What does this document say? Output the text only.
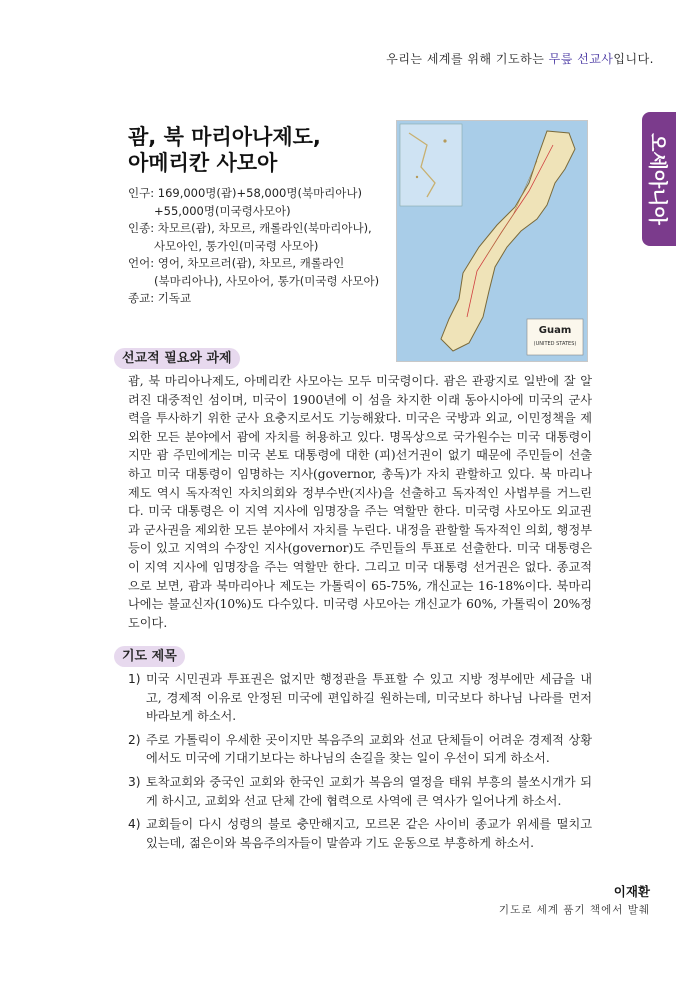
우리는 세계를 위해 기도하는 무릎 선교사입니다.
오세아니아
괌, 북 마리아나제도,
아메리칸 사모아
인구: 169,000명(괌)+58,000명(북마리아나)
+55,000명(미국령사모아)
인종: 차모르(괌), 차모르, 캐롤라인(북마리아나),
사모아인, 통가인(미국령 사모아)
언어: 영어, 차모르러(괌), 차모르, 캐롤라인
(북마리아나), 사모아어, 통가(미국령 사모아)
종교: 기독교
Guam
(UNITED STATES)
선교적 필요와 과제

괌, 북 마리아나제도, 아메리칸 사모아는 모두 미국령이다. 괌은 관광지로 일반에 잘 알려진 대중적인 섬이며, 미국이 1900년에 이 섬을 차지한 이래 동아시아에 미국의 군사력을 투사하기 위한 군사 요충지로서도 기능해왔다. 미국은 국방과 외교, 이민정책을 제외한 모든 분야에서 괌에 자치를 허용하고 있다. 명목상으로 국가원수는 미국 대통령이지만 괌 주민에게는 미국 본토 대통령에 대한 (피)선거권이 없기 때문에 주민들이 선출하고 미국 대통령이 임명하는 지사(governor, 총독)가 자치 관할하고 있다. 북 마리나 제도 역시 독자적인 자치의회와 정부수반(지사)을 선출하고 독자적인 사법부를 거느린다. 미국 대통령은 이 지역 지사에 임명장을 주는 역할만 한다. 미국령 사모아도 외교권과 군사권을 제외한 모든 분야에서 자치를 누린다. 내정을 관할할 독자적인 의회, 행정부 등이 있고 지역의 수장인 지사(governor)도 주민들의 투표로 선출한다. 미국 대통령은 이 지역 지사에 임명장을 주는 역할만 한다. 그리고 미국 대통령 선거권은 없다. 종교적으로 보면, 괌과 북마리아나 제도는 가톨릭이 65-75%, 개신교는 16-18%이다. 북마리나에는 불교신자(10%)도 다수있다. 미국령 사모아는 개신교가 60%, 가톨릭이 20%정도이다.

기도 제목
1) 미국 시민권과 투표권은 없지만 행정관을 투표할 수 있고 지방 정부에만 세금을 내고, 경제적 이유로 안정된 미국에 편입하길 원하는데, 미국보다 하나님 나라를 먼저 바라보게 하소서.
2) 주로 가톨릭이 우세한 곳이지만 복음주의 교회와 선교 단체들이 어려운 경제적 상황에서도 미국에 기대기보다는 하나님의 손길을 찾는 일이 우선이 되게 하소서.
3) 토착교회와 중국인 교회와 한국인 교회가 복음의 열정을 태워 부흥의 불쏘시개가 되게 하시고, 교회와 선교 단체 간에 협력으로 사역에 큰 역사가 일어나게 하소서.
4) 교회들이 다시 성령의 불로 충만해지고, 모르몬 같은 사이비 종교가 위세를 떨치고 있는데, 젊은이와 복음주의자들이 말씀과 기도 운동으로 부흥하게 하소서.
이재환
기도로 세계 품기 책에서 발췌
